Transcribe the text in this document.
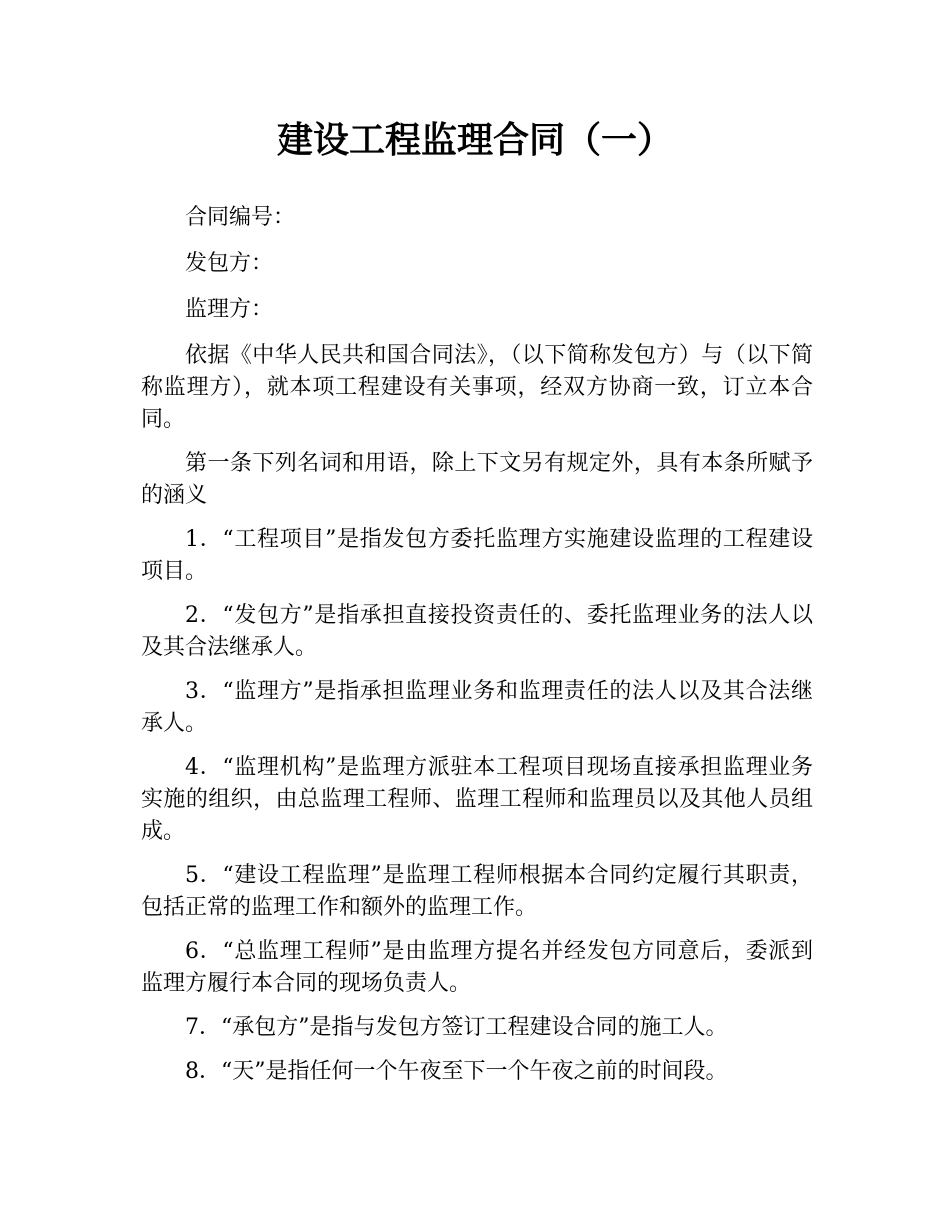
建设工程监理合同（一）

合同编号：

发包方：

监理方：

依据《中华人民共和国合同法》，（以下简称发包方）与（以下简称监理方），就本项工程建设有关事项，经双方协商一致，订立本合同。

第一条下列名词和用语，除上下文另有规定外，具有本条所赋予的涵义

1．“工程项目”是指发包方委托监理方实施建设监理的工程建设项目。

2．“发包方”是指承担直接投资责任的、委托监理业务的法人以及其合法继承人。

3．“监理方”是指承担监理业务和监理责任的法人以及其合法继承人。

4．“监理机构”是监理方派驻本工程项目现场直接承担监理业务实施的组织，由总监理工程师、监理工程师和监理员以及其他人员组成。

5．“建设工程监理”是监理工程师根据本合同约定履行其职责，包括正常的监理工作和额外的监理工作。

6．“总监理工程师”是由监理方提名并经发包方同意后，委派到监理方履行本合同的现场负责人。

7．“承包方”是指与发包方签订工程建设合同的施工人。

8．“天”是指任何一个午夜至下一个午夜之前的时间段。
